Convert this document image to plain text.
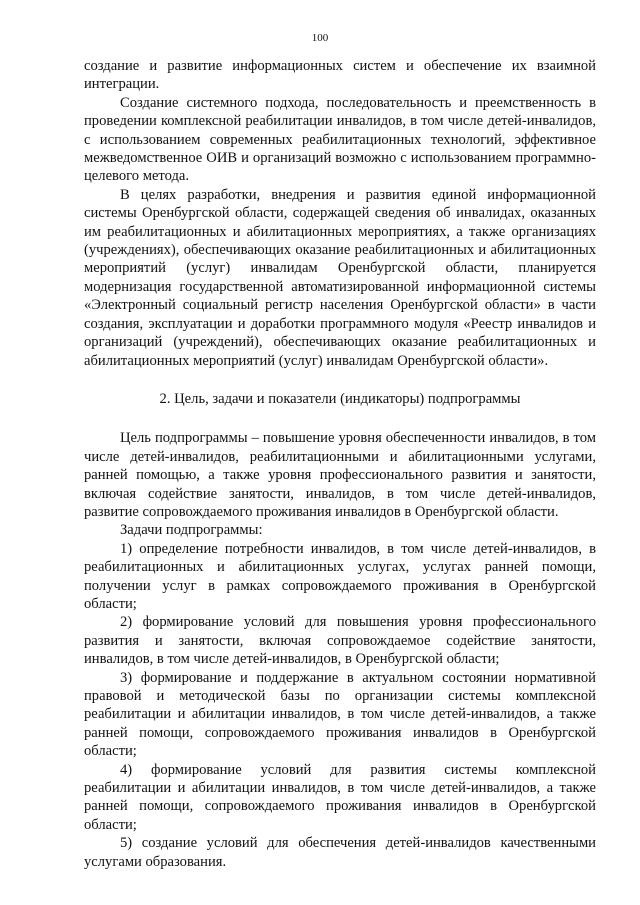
100

создание и развитие информационных систем и обеспечение их взаимной интеграции.

Создание системного подхода, последовательность и преемственность в проведении комплексной реабилитации инвалидов, в том числе детей-инвалидов, с использованием современных реабилитационных технологий, эффективное межведомственное ОИВ и организаций возможно с использованием программно-целевого метода.

В целях разработки, внедрения и развития единой информационной системы Оренбургской области, содержащей сведения об инвалидах, оказанных им реабилитационных и абилитационных мероприятиях, а также организациях (учреждениях), обеспечивающих оказание реабилитационных и абилитационных мероприятий (услуг) инвалидам Оренбургской области, планируется модернизация государственной автоматизированной информационной системы «Электронный социальный регистр населения Оренбургской области» в части создания, эксплуатации и доработки программного модуля «Реестр инвалидов и организаций (учреждений), обеспечивающих оказание реабилитационных и абилитационных мероприятий (услуг) инвалидам Оренбургской области».

2. Цель, задачи и показатели (индикаторы) подпрограммы

Цель подпрограммы – повышение уровня обеспеченности инвалидов, в том числе детей-инвалидов, реабилитационными и абилитационными услугами, ранней помощью, а также уровня профессионального развития и занятости, включая содействие занятости, инвалидов, в том числе детей-инвалидов, развитие сопровождаемого проживания инвалидов в Оренбургской области.

Задачи подпрограммы:

1) определение потребности инвалидов, в том числе детей-инвалидов, в реабилитационных и абилитационных услугах, услугах ранней помощи, получении услуг в рамках сопровождаемого проживания в Оренбургской области;

2) формирование условий для повышения уровня профессионального развития и занятости, включая сопровождаемое содействие занятости, инвалидов, в том числе детей-инвалидов, в Оренбургской области;

3) формирование и поддержание в актуальном состоянии нормативной правовой и методической базы по организации системы комплексной реабилитации и абилитации инвалидов, в том числе детей-инвалидов, а также ранней помощи, сопровождаемого проживания инвалидов в Оренбургской области;

4) формирование условий для развития системы комплексной реабилитации и абилитации инвалидов, в том числе детей-инвалидов, а также ранней помощи, сопровождаемого проживания инвалидов в Оренбургской области;

5) создание условий для обеспечения детей-инвалидов качественными услугами образования.
